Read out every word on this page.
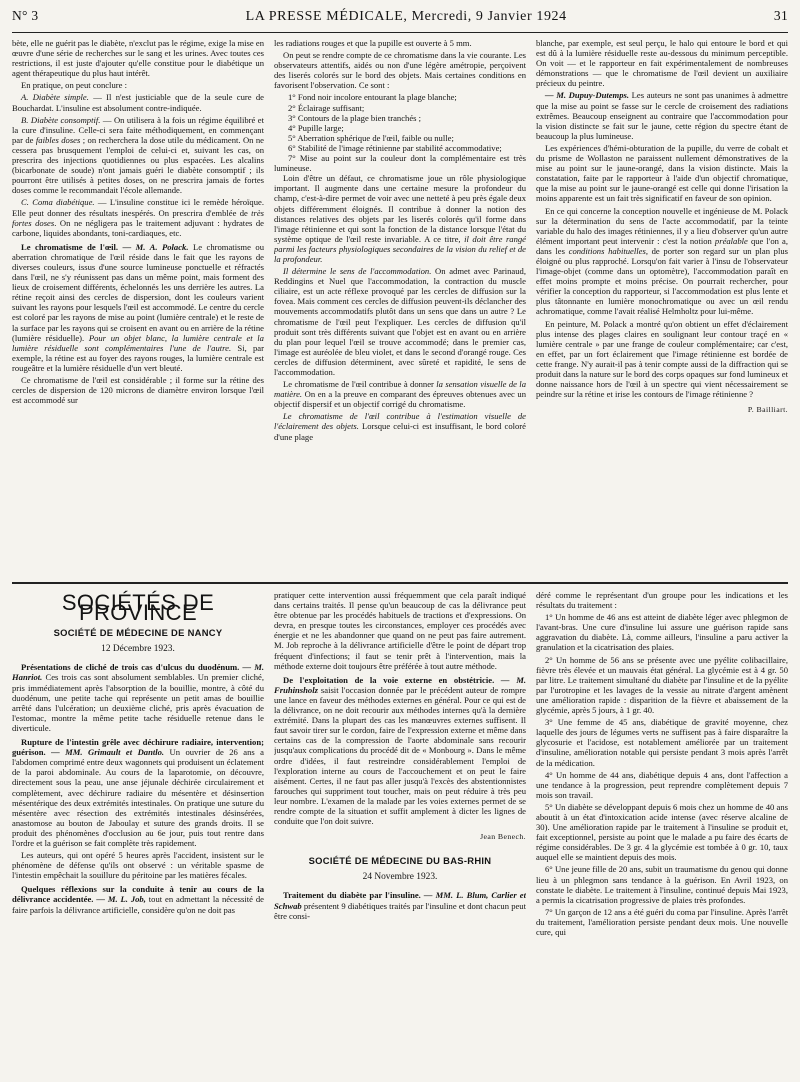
N° 3	LA PRESSE MÉDICALE, Mercredi, 9 Janvier 1924	31

bète, elle ne guérit pas le diabète, n'exclut pas le régime, exige la mise en œuvre d'une série de recherches sur le sang et les urines. Avec toutes ces restrictions, il est juste d'ajouter qu'elle constitue pour le diabétique un agent thérapeutique du plus haut intérêt.

En pratique, on peut conclure :

A. Diabète simple. — Il n'est justiciable que de la seule cure de Bouchardat. L'insuline est absolument contre-indiquée.

B. Diabète consomptif. — On utilisera à la fois un régime équilibré et la cure d'insuline. Celle-ci sera faite méthodiquement, en commençant par de faibles doses ; on recherchera la dose utile du médicament. On ne cessera pas brusquement l'emploi de celui-ci et, suivant les cas, on prescrira des injections quotidiennes ou plus espacées. Les alcalins (bicarbonate de soude) n'ont jamais guéri le diabète consomptif ; ils pourront être utilisés à petites doses, on ne prescrira jamais de fortes doses comme le recommandait l'école allemande.

C. Coma diabétique. — L'insuline constitue ici le remède héroïque. Elle peut donner des résultats inespérés. On prescrira d'emblée de très fortes doses. On ne négligera pas le traitement adjuvant : hydrates de carbone, liquides abondants, toni-cardiaques, etc.

Le chromatisme de l'œil. — M. A. Polack. Le chromatisme ou aberration chromatique de l'œil réside dans le fait que les rayons de diverses couleurs, issus d'une source lumineuse ponctuelle et réfractés dans l'œil, ne s'y réunissent pas dans un même point, mais forment des lieux de croisement différents, échelonnés les uns derrière les autres. La rétine reçoit ainsi des cercles de dispersion, dont les couleurs varient suivant les rayons pour lesquels l'œil est accommodé. Le centre du cercle est coloré par les rayons de mise au point (lumière centrale) et le reste de la surface par les rayons qui se croisent en avant ou en arrière de la rétine (lumière résiduelle). Pour un objet blanc, la lumière centrale et la lumière résiduelle sont complémentaires l'une de l'autre. Si, par exemple, la rétine est au foyer des rayons rouges, la lumière centrale est rougeâtre et la lumière résiduelle d'un vert bleuté.

Ce chromatisme de l'œil est considérable ; il forme sur la rétine des cercles de dispersion de 120 microns de diamètre environ lorsque l'œil est accommodé sur

les radiations rouges et que la pupille est ouverte à 5 mm.

On peut se rendre compte de ce chromatisme dans la vie courante. Les observateurs attentifs, aidés ou non d'une légère amétropie, perçoivent des liserés colorés sur le bord des objets. Mais certaines conditions en favorisent l'observation. Ce sont :

1° Fond noir incolore entourant la plage blanche;

2° Éclairage suffisant;

3° Contours de la plage bien tranchés ;

4° Pupille large;

5° Aberration sphérique de l'œil, faible ou nulle;

6° Stabilité de l'image rétinienne par stabilité accommodative;

7° Mise au point sur la couleur dont la complémentaire est très lumineuse.

Loin d'être un défaut, ce chromatisme joue un rôle physiologique important. Il augmente dans une certaine mesure la profondeur du champ, c'est-à-dire permet de voir avec une netteté à peu près égale deux objets différemment éloignés. Il contribue à donner la notion des distances relatives des objets par les liserés colorés qu'il forme dans l'image rétinienne et qui sont la fonction de la distance lorsque l'état du système optique de l'œil reste invariable. A ce titre, il doit être rangé parmi les facteurs physiologiques secondaires de la vision du relief et de la profondeur.

Il détermine le sens de l'accommodation. On admet avec Parinaud, Reddingins et Nuel que l'accommodation, la contraction du muscle ciliaire, est un acte réflexe provoqué par les cercles de diffusion sur la fovea. Mais comment ces cercles de diffusion peuvent-ils déclancher des mouvements accommodatifs plutôt dans un sens que dans un autre ? Le chromatisme de l'œil peut l'expliquer. Les cercles de diffusion qu'il produit sont très différents suivant que l'objet est en avant ou en arrière du plan pour lequel l'œil se trouve accommodé; dans le premier cas, l'image est auréolée de bleu violet, et dans le second d'orangé rouge. Ces cercles de diffusion déterminent, avec sûreté et rapidité, le sens de l'accommodation.

Le chromatisme de l'œil contribue à donner la sensation visuelle de la matière. On en a la preuve en comparant des épreuves obtenues avec un objectif dispersif et un objectif corrigé du chromatisme.

Le chromatisme de l'œil contribue à l'estimation visuelle de l'éclairement des objets. Lorsque celui-ci est insuffisant, le bord coloré d'une plage

blanche, par exemple, est seul perçu, le halo qui entoure le bord et qui est dû à la lumière résiduelle reste au-dessous du minimum perceptible. On voit — et le rapporteur en fait expérimentalement de nombreuses démonstrations — que le chromatisme de l'œil devient un auxiliaire précieux du peintre.

— M. Dupuy-Dutemps. Les auteurs ne sont pas unanimes à admettre que la mise au point se fasse sur le cercle de croisement des radiations extrêmes. Beaucoup enseignent au contraire que l'accommodation pour la vision distincte se fait sur le jaune, cette région du spectre étant de beaucoup la plus lumineuse.

Les expériences d'hémi-obturation de la pupille, du verre de cobalt et du prisme de Wollaston ne paraissent nullement démonstratives de la mise au point sur le jaune-orangé, dans la vision distincte. Mais la constatation, faite par le rapporteur à l'aide d'un objectif chromatique, que la mise au point sur le jaune-orangé est celle qui donne l'irisation la moins apparente est un fait très significatif en faveur de son opinion.

En ce qui concerne la conception nouvelle et ingénieuse de M. Polack sur la détermination du sens de l'acte accommodatif, par la teinte variable du halo des images rétiniennes, il y a lieu d'observer qu'un autre élément important peut intervenir : c'est la notion préalable que l'on a, dans les conditions habituelles, de porter son regard sur un plan plus éloigné ou plus rapproché. Lorsqu'on fait varier à l'insu de l'observateur l'image-objet (comme dans un optomètre), l'accommodation paraît en effet moins prompte et moins précise. On pourrait rechercher, pour vérifier la conception du rapporteur, si l'accommodation est plus lente et plus tâtonnante en lumière monochromatique ou avec un œil rendu achromatique, comme l'avait réalisé Helmholtz pour lui-même.

En peinture, M. Polack a montré qu'on obtient un effet d'éclairement plus intense des plages claires en soulignant leur contour traçé en « lumière centrale » par une frange de couleur complémentaire; car c'est, en effet, par un fort éclairement que l'image rétinienne est bordée de cette frange. N'y aurait-il pas à tenir compte aussi de la diffraction qui se produit dans la nature sur le bord des corps opaques sur fond lumineux et donne naissance hors de l'œil à un spectre qui vient nécessairement se peindre sur la rétine et irise les contours de l'image rétinienne ?

P. Bailliart.
SOCIÉTÉS DE PROVINCE
SOCIÉTÉ DE MÉDECINE DE NANCY
12 Décembre 1923.

Présentations de cliché de trois cas d'ulcus du duodénum. — M. Hanriot. Ces trois cas sont absolument semblables. Un premier cliché, pris immédiatement après l'absorption de la bouillie, montre, à côté du duodénum, une petite tache qui représente un petit amas de bouillie arrêté dans l'ulcération; un deuxième cliché, pris après évacuation de l'estomac, montre la même petite tache résiduelle retenue dans le diverticule.

Rupture de l'intestin grêle avec déchirure radiaire, intervention; guérison. — MM. Grimault et Dantlo. Un ouvrier de 26 ans a l'abdomen comprimé entre deux wagonnets qui produisent un éclatement de la paroi abdominale. Au cours de la laparotomie, on découvre, directement sous la peau, une anse jéjunale déchirée circulairement et complètement, avec déchirure radiaire du mésentère et désinsertion mésentérique des deux extrémités intestinales. On pratique une suture du mésentère avec résection des extrémités intestinales désinsérées, anastomose au bouton de Jaboulay et suture des grands droits. Il se produit des phénomènes d'occlusion au 6e jour, puis tout rentre dans l'ordre et la guérison se fait complète très rapidement.

Les auteurs, qui ont opéré 5 heures après l'accident, insistent sur le phénomène de défense qu'ils ont observé : un véritable spasme de l'intestin empêchait la souillure du péritoine par les matières fécales.

Quelques réflexions sur la conduite à tenir au cours de la délivrance accidentée. — M. L. Job, tout en admettant la nécessité de faire parfois la délivrance artificielle, considère qu'on ne doit pas

pratiquer cette intervention aussi fréquemment que cela paraît indiqué dans certains traités. Il pense qu'un beaucoup de cas la délivrance peut être obtenue par les procédés habituels de tractions et d'expressions. On devra, en presque toutes les circonstances, employer ces procédés avec énergie et ne les abandonner que quand on ne peut pas faire autrement. M. Job reproche à la délivrance artificielle d'être le point de départ trop fréquent d'infections; il faut se tenir prêt à l'intervention, mais la méthode externe doit toujours être préférée à tout autre méthode.

De l'exploitation de la voie externe en obstétricie. — M. Fruhinsholz saisit l'occasion donnée par le précédent auteur de rompre une lance en faveur des méthodes externes en général. Pour ce qui est de la délivrance, on ne doit recourir aux méthodes internes qu'à la dernière extrémité. Dans la plupart des cas les manœuvres externes suffisent. Il faut savoir tirer sur le cordon, faire de l'expression externe et même dans certains cas de la compression de l'aorte abdominale sans recourir jusqu'aux complications du procédé dit de « Monbourg ». Dans le même ordre d'idées, il faut restreindre considérablement l'emploi de l'exploration interne au cours de l'accouchement et on peut le faire aisément. Certes, il ne faut pas aller jusqu'à l'excès des abstentionnistes farouches qui suppriment tout toucher, mais on peut réduire à très peu leur nombre. L'examen de la malade par les voies externes permet de se rendre compte de la situation et suffit amplement à dicter les lignes de conduite que l'on doit suivre.

Jean Benech.
SOCIÉTÉ DE MÉDECINE DU BAS-RHIN
24 Novembre 1923.

Traitement du diabète par l'insuline. — MM. L. Blum, Carlier et Schwab présentent 9 diabétiques traités par l'insuline et dont chacun peut être consi-

déré comme le représentant d'un groupe pour les indications et les résultats du traitement :

1° Un homme de 46 ans est atteint de diabète léger avec phlegmon de l'avant-bras. Une cure d'insuline lui assure une guérison rapide sans aggravation du diabète. Là, comme ailleurs, l'insuline a paru activer la granulation et la cicatrisation des plaies.

2° Un homme de 56 ans se présente avec une pyélite colibacillaire, fièvre très élevée et un mauvais état général. La glycémie est à 4 gr. 50 par litre. Le traitement simultané du diabète par l'insuline et de la pyélite par l'urotropine et les lavages de la vessie au nitrate d'argent amènent une amélioration rapide : disparition de la fièvre et abaissement de la glycémie, après 5 jours, à 1 gr. 40.

3° Une femme de 45 ans, diabétique de gravité moyenne, chez laquelle des jours de légumes verts ne suffisent pas à faire disparaître la glycosurie et l'acidose, est notablement améliorée par un traitement d'insuline, amélioration notable qui persiste pendant 3 mois après l'arrêt de la médication.

4° Un homme de 44 ans, diabétique depuis 4 ans, dont l'affection a une tendance à la progression, peut reprendre complètement depuis 7 mois son travail.

5° Un diabète se développant depuis 6 mois chez un homme de 40 ans aboutit à un état d'intoxication acide intense (avec réserve alcaline de 30). Une amélioration rapide par le traitement à l'insuline se produit et, fait exceptionnel, persiste au point que le malade a pu faire des écarts de régime considérables. De 3 gr. 4 la glycémie est tombée à 0 gr. 10, taux auquel elle se maintient depuis des mois.

6° Une jeune fille de 20 ans, subit un traumatisme du genou qui donne lieu à un phlegmon sans tendance à la guérison. En Avril 1923, on constate le diabète. Le traitement à l'insuline, continué depuis Mai 1923, a permis la cicatrisation progressive de plaies très profondes.

7° Un garçon de 12 ans a été guéri du coma par l'insuline. Après l'arrêt du traitement, l'amélioration persiste pendant deux mois. Une nouvelle cure, qui
